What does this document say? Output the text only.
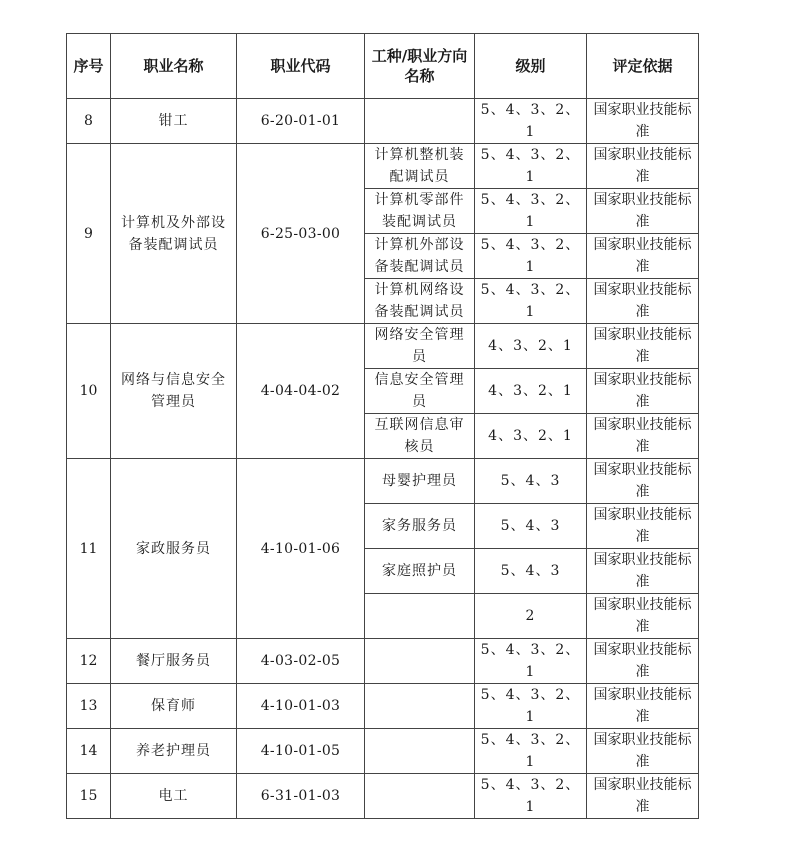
序号	职业名称	职业代码	工种/职业方向名称	级别	评定依据
8	钳工	6-20-01-01		5、4、3、2、1	国家职业技能标准
9	计算机及外部设备装配调试员	6-25-03-00	计算机整机装配调试员	5、4、3、2、1	国家职业技能标准
			计算机零部件装配调试员	5、4、3、2、1	国家职业技能标准
			计算机外部设备装配调试员	5、4、3、2、1	国家职业技能标准
			计算机网络设备装配调试员	5、4、3、2、1	国家职业技能标准
10	网络与信息安全管理员	4-04-04-02	网络安全管理员	4、3、2、1	国家职业技能标准
			信息安全管理员	4、3、2、1	国家职业技能标准
			互联网信息审核员	4、3、2、1	国家职业技能标准
11	家政服务员	4-10-01-06	母婴护理员	5、4、3	国家职业技能标准
			家务服务员	5、4、3	国家职业技能标准
			家庭照护员	5、4、3	国家职业技能标准
				2	国家职业技能标准
12	餐厅服务员	4-03-02-05		5、4、3、2、1	国家职业技能标准
13	保育师	4-10-01-03		5、4、3、2、1	国家职业技能标准
14	养老护理员	4-10-01-05		5、4、3、2、1	国家职业技能标准
15	电工	6-31-01-03		5、4、3、2、1	国家职业技能标准
